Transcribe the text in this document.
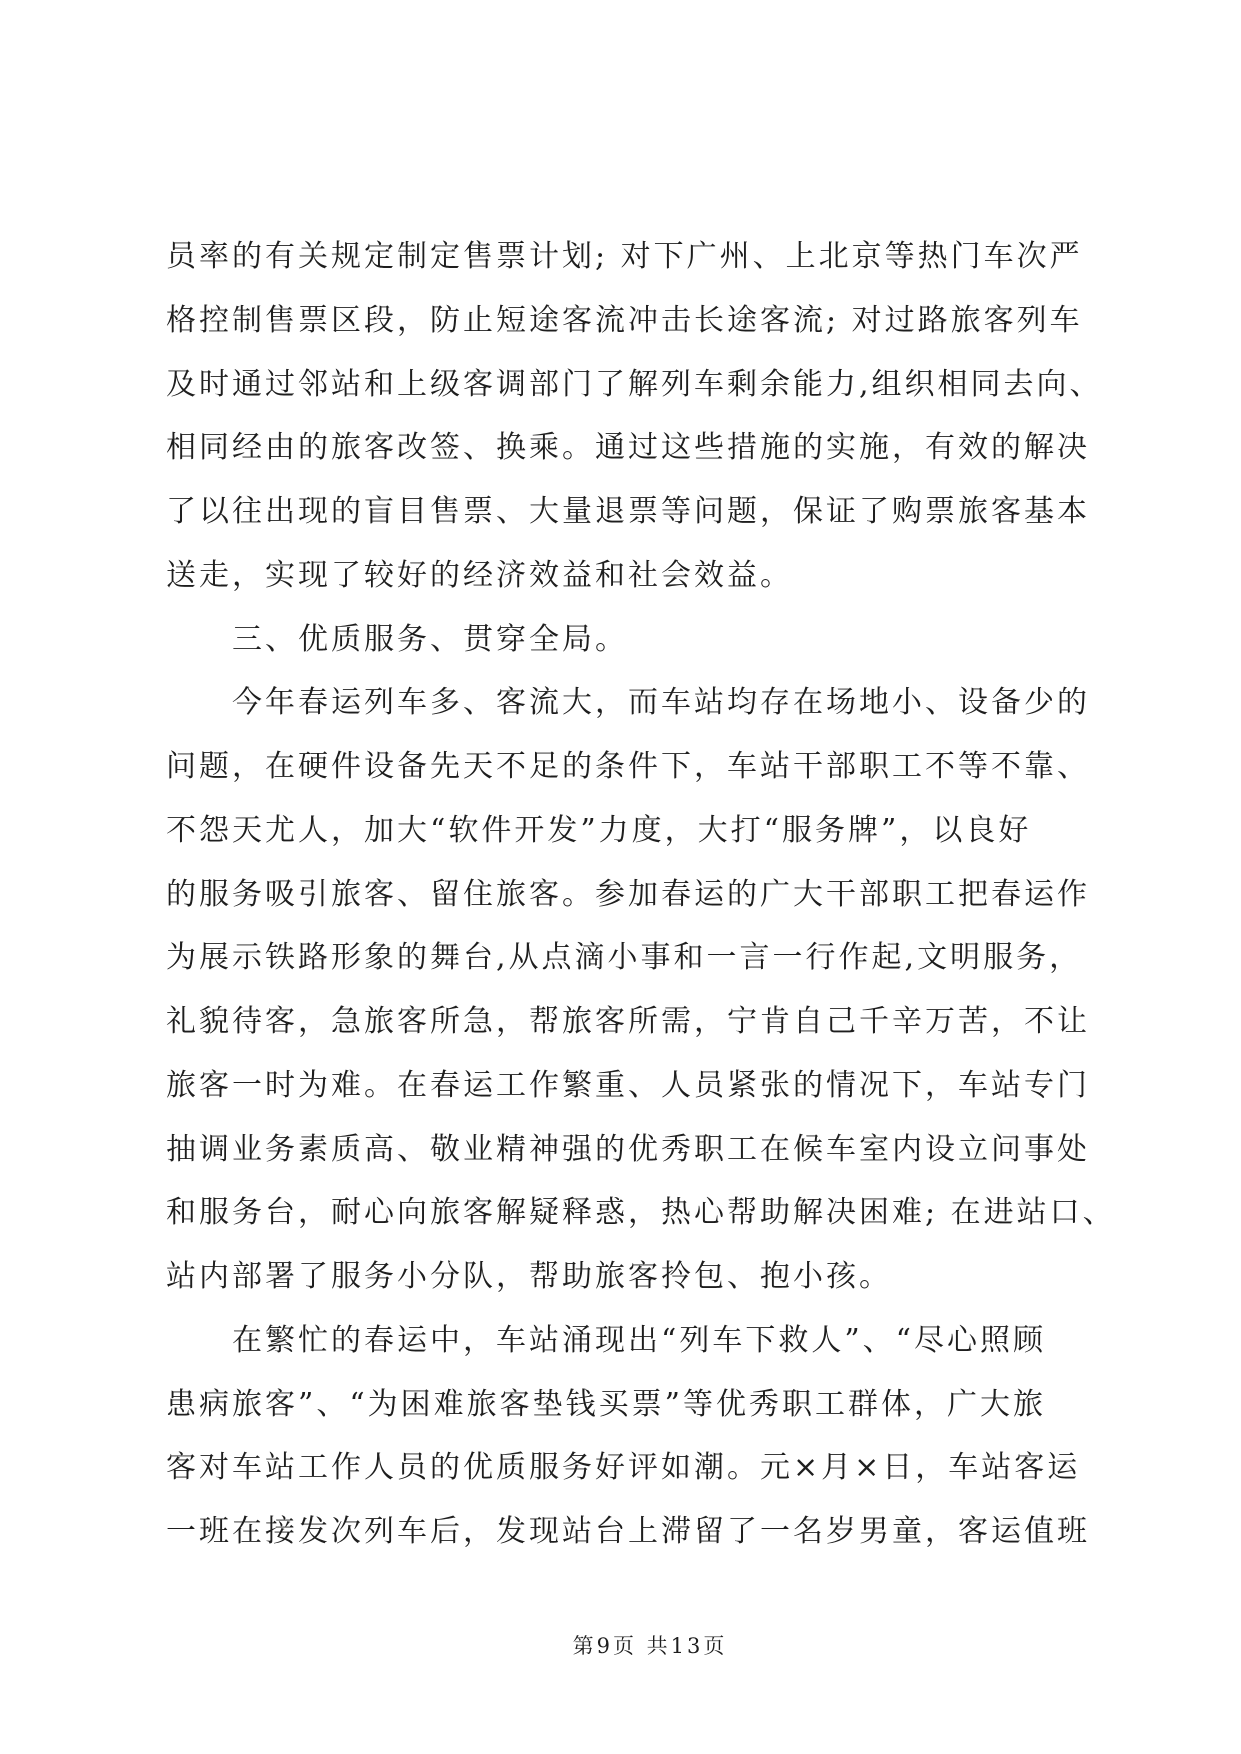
员率的有关规定制定售票计划; 对下广州、上北京等热门车次严
格控制售票区段，防止短途客流冲击长途客流; 对过路旅客列车
及时通过邻站和上级客调部门了解列车剩余能力,组织相同去向、
相同经由的旅客改签、换乘。通过这些措施的实施，有效的解决
了以往出现的盲目售票、大量退票等问题，保证了购票旅客基本
送走，实现了较好的经济效益和社会效益。
三、优质服务、贯穿全局。
今年春运列车多、客流大，而车站均存在场地小、设备少的
问题，在硬件设备先天不足的条件下，车站干部职工不等不靠、
不怨天尤人，加大“软件开发”力度，大打“服务牌”，以良好
的服务吸引旅客、留住旅客。参加春运的广大干部职工把春运作
为展示铁路形象的舞台,从点滴小事和一言一行作起,文明服务，
礼貌待客，急旅客所急，帮旅客所需，宁肯自己千辛万苦，不让
旅客一时为难。在春运工作繁重、人员紧张的情况下，车站专门
抽调业务素质高、敬业精神强的优秀职工在候车室内设立问事处
和服务台，耐心向旅客解疑释惑，热心帮助解决困难; 在进站口、
站内部署了服务小分队，帮助旅客拎包、抱小孩。
在繁忙的春运中，车站涌现出“列车下救人”、“尽心照顾
患病旅客”、“为困难旅客垫钱买票”等优秀职工群体，广大旅
客对车站工作人员的优质服务好评如潮。元×月×日，车站客运
一班在接发次列车后，发现站台上滞留了一名岁男童，客运值班
第9页 共13页
